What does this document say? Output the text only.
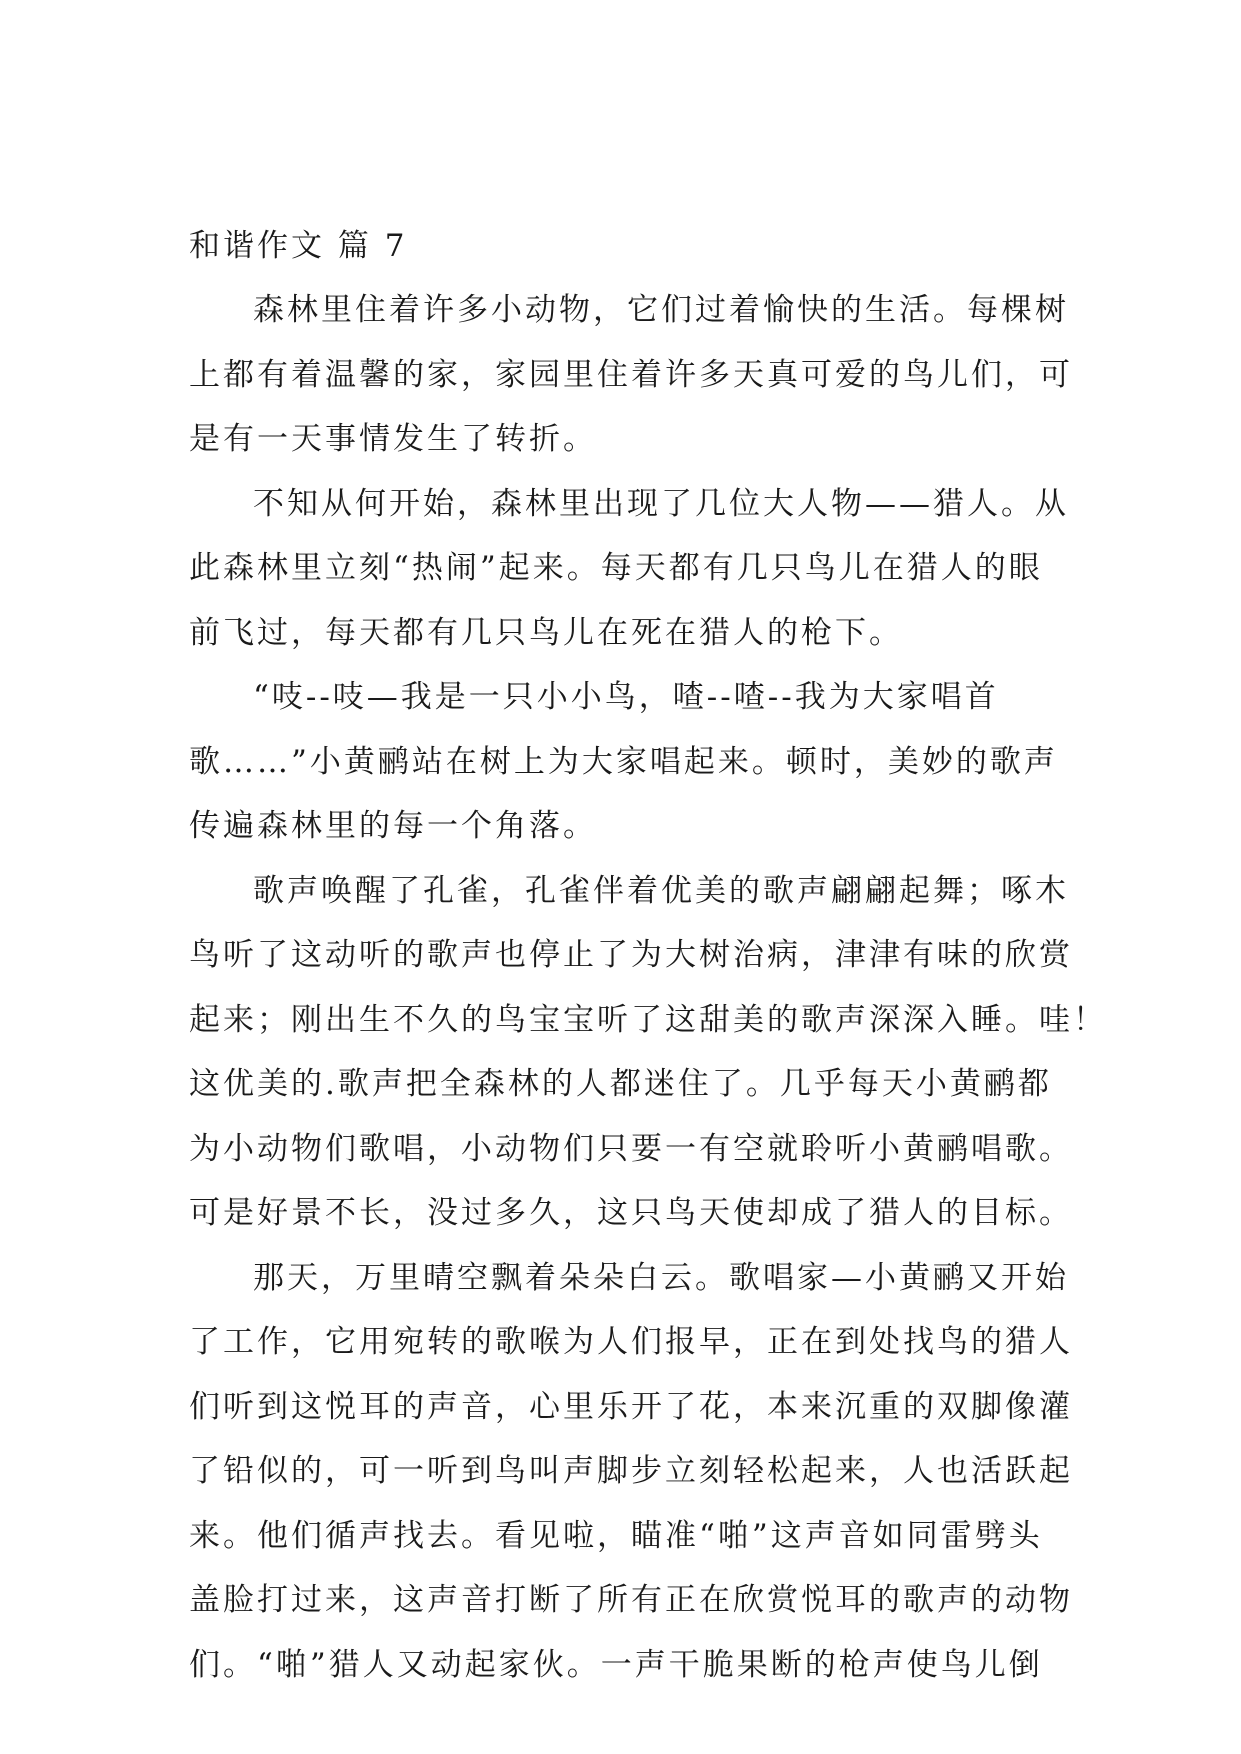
和谐作文 篇 7

森林里住着许多小动物，它们过着愉快的生活。每棵树
上都有着温馨的家，家园里住着许多天真可爱的鸟儿们，可
是有一天事情发生了转折。

不知从何开始，森林里出现了几位大人物——猎人。从
此森林里立刻“热闹”起来。每天都有几只鸟儿在猎人的眼
前飞过，每天都有几只鸟儿在死在猎人的枪下。

“吱--吱—我是一只小小鸟，喳--喳--我为大家唱首
歌……”小黄鹂站在树上为大家唱起来。顿时，美妙的歌声
传遍森林里的每一个角落。

歌声唤醒了孔雀，孔雀伴着优美的歌声翩翩起舞；啄木
鸟听了这动听的歌声也停止了为大树治病，津津有味的欣赏
起来；刚出生不久的鸟宝宝听了这甜美的歌声深深入睡。哇！
这优美的.歌声把全森林的人都迷住了。几乎每天小黄鹂都
为小动物们歌唱，小动物们只要一有空就聆听小黄鹂唱歌。
可是好景不长，没过多久，这只鸟天使却成了猎人的目标。

那天，万里晴空飘着朵朵白云。歌唱家—小黄鹂又开始
了工作，它用宛转的歌喉为人们报早，正在到处找鸟的猎人
们听到这悦耳的声音，心里乐开了花，本来沉重的双脚像灌
了铅似的，可一听到鸟叫声脚步立刻轻松起来，人也活跃起
来。他们循声找去。看见啦，瞄准“啪”这声音如同雷劈头
盖脸打过来，这声音打断了所有正在欣赏悦耳的歌声的动物
们。“啪”猎人又动起家伙。一声干脆果断的枪声使鸟儿倒
